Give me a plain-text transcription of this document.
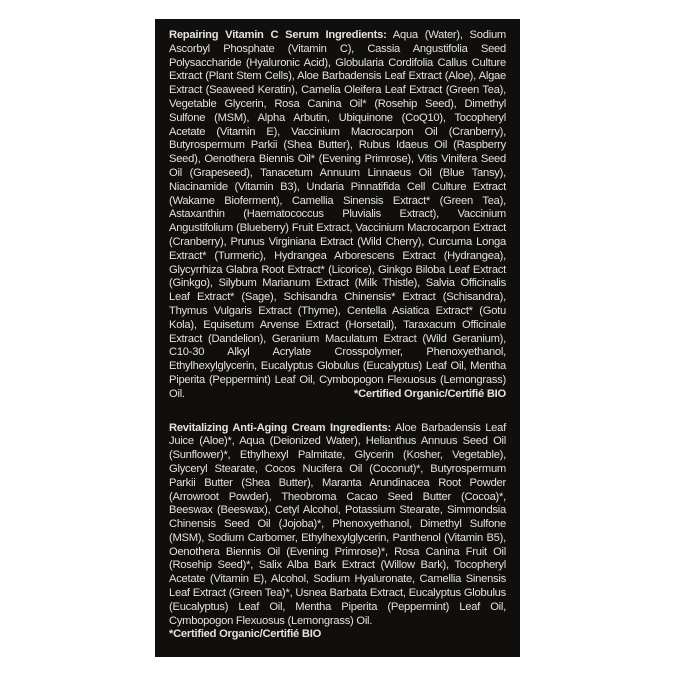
Repairing Vitamin C Serum Ingredients: Aqua (Water), Sodium Ascorbyl Phosphate (Vitamin C), Cassia Angustifolia Seed Polysaccharide (Hyaluronic Acid), Globularia Cordifolia Callus Culture Extract (Plant Stem Cells), Aloe Barbadensis Leaf Extract (Aloe), Algae Extract (Seaweed Keratin), Camelia Oleifera Leaf Extract (Green Tea), Vegetable Glycerin, Rosa Canina Oil* (Rosehip Seed), Dimethyl Sulfone (MSM), Alpha Arbutin, Ubiquinone (CoQ10), Tocopheryl Acetate (Vitamin E), Vaccinium Macrocarpon Oil (Cranberry), Butyrospermum Parkii (Shea Butter), Rubus Idaeus Oil (Raspberry Seed), Oenothera Biennis Oil* (Evening Primrose), Vitis Vinifera Seed Oil (Grapeseed), Tanacetum Annuum Linnaeus Oil (Blue Tansy), Niacinamide (Vitamin B3), Undaria Pinnatifida Cell Culture Extract (Wakame Bioferment), Camellia Sinensis Extract* (Green Tea), Astaxanthin (Haematococcus Pluvialis Extract), Vaccinium Angustifolium (Blueberry) Fruit Extract, Vaccinium Macrocarpon Extract (Cranberry), Prunus Virginiana Extract (Wild Cherry), Curcuma Longa Extract* (Turmeric), Hydrangea Arborescens Extract (Hydrangea), Glycyrrhiza Glabra Root Extract* (Licorice), Ginkgo Biloba Leaf Extract (Ginkgo), Silybum Marianum Extract (Milk Thistle), Salvia Officinalis Leaf Extract* (Sage), Schisandra Chinensis* Extract (Schisandra), Thymus Vulgaris Extract (Thyme), Centella Asiatica Extract* (Gotu Kola), Equisetum Arvense Extract (Horsetail), Taraxacum Officinale Extract (Dandelion), Geranium Maculatum Extract (Wild Geranium), C10-30 Alkyl Acrylate Crosspolymer, Phenoxyethanol, Ethylhexylglycerin, Eucalyptus Globulus (Eucalyptus) Leaf Oil, Mentha Piperita (Peppermint) Leaf Oil, Cymbopogon Flexuosus (Lemongrass) Oil.	*Certified Organic/Certifié BIO

Revitalizing Anti-Aging Cream Ingredients: Aloe Barbadensis Leaf Juice (Aloe)*, Aqua (Deionized Water), Helianthus Annuus Seed Oil (Sunflower)*, Ethylhexyl Palmitate, Glycerin (Kosher, Vegetable), Glyceryl Stearate, Cocos Nucifera Oil (Coconut)*, Butyrospermum Parkii Butter (Shea Butter), Maranta Arundinacea Root Powder (Arrowroot Powder), Theobroma Cacao Seed Butter (Cocoa)*, Beeswax (Beeswax), Cetyl Alcohol, Potassium Stearate, Simmondsia Chinensis Seed Oil (Jojoba)*, Phenoxyethanol, Dimethyl Sulfone (MSM), Sodium Carbomer, Ethylhexylglycerin, Panthenol (Vitamin B5), Oenothera Biennis Oil (Evening Primrose)*, Rosa Canina Fruit Oil (Rosehip Seed)*, Salix Alba Bark Extract (Willow Bark), Tocopheryl Acetate (Vitamin E), Alcohol, Sodium Hyaluronate, Camellia Sinensis Leaf Extract (Green Tea)*, Usnea Barbata Extract, Eucalyptus Globulus (Eucalyptus) Leaf Oil, Mentha Piperita (Peppermint) Leaf Oil, Cymbopogon Flexuosus (Lemongrass) Oil.

*Certified Organic/Certifié BIO
